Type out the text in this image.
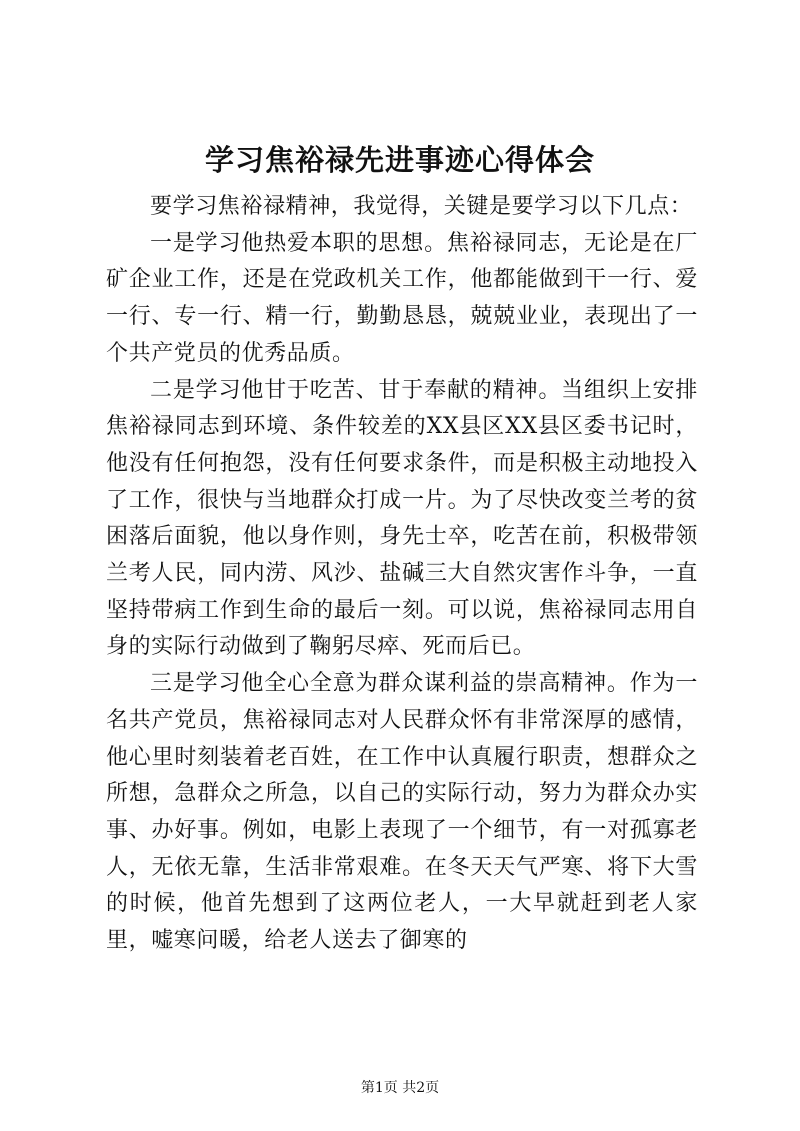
学习焦裕禄先进事迹心得体会

要学习焦裕禄精神，我觉得，关键是要学习以下几点：

一是学习他热爱本职的思想。焦裕禄同志，无论是在厂矿企业工作，还是在党政机关工作，他都能做到干一行、爱一行、专一行、精一行，勤勤恳恳，兢兢业业，表现出了一个共产党员的优秀品质。

二是学习他甘于吃苦、甘于奉献的精神。当组织上安排焦裕禄同志到环境、条件较差的XX县区XX县区委书记时，他没有任何抱怨，没有任何要求条件，而是积极主动地投入了工作，很快与当地群众打成一片。为了尽快改变兰考的贫困落后面貌，他以身作则，身先士卒，吃苦在前，积极带领兰考人民，同内涝、风沙、盐碱三大自然灾害作斗争，一直坚持带病工作到生命的最后一刻。可以说，焦裕禄同志用自身的实际行动做到了鞠躬尽瘁、死而后已。

三是学习他全心全意为群众谋利益的崇高精神。作为一名共产党员，焦裕禄同志对人民群众怀有非常深厚的感情，他心里时刻装着老百姓，在工作中认真履行职责，想群众之所想，急群众之所急，以自己的实际行动，努力为群众办实事、办好事。例如，电影上表现了一个细节，有一对孤寡老人，无依无靠，生活非常艰难。在冬天天气严寒、将下大雪的时候，他首先想到了这两位老人，一大早就赶到老人家里，嘘寒问暖，给老人送去了御寒的

第1页 共2页
